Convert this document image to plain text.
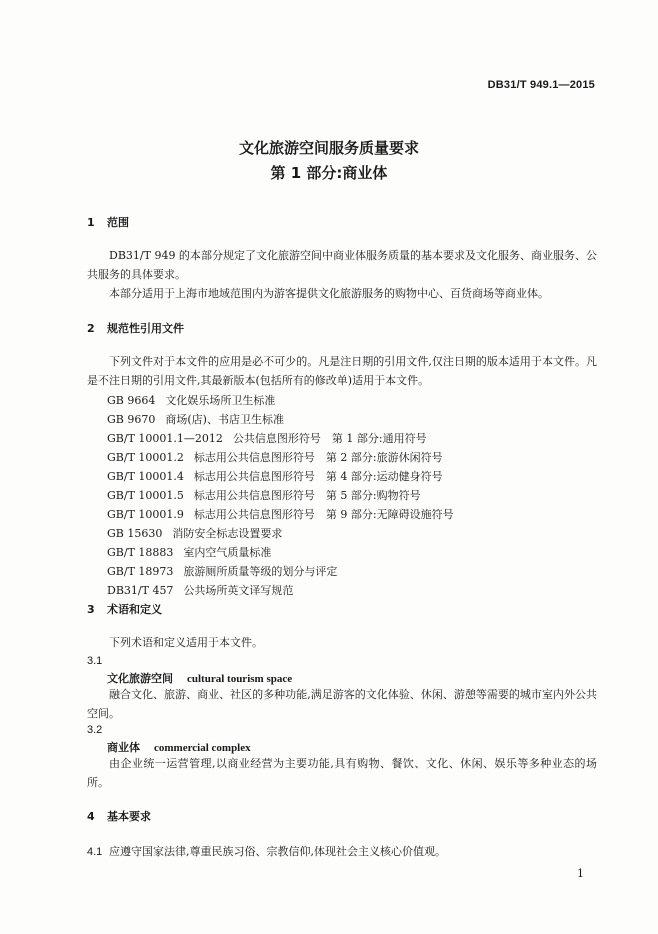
DB31/T 949.1—2015
文化旅游空间服务质量要求
第 1 部分:商业体
1 范围
DB31/T 949 的本部分规定了文化旅游空间中商业体服务质量的基本要求及文化服务、商业服务、公共服务的具体要求。
本部分适用于上海市地域范围内为游客提供文化旅游服务的购物中心、百货商场等商业体。
2 规范性引用文件
下列文件对于本文件的应用是必不可少的。凡是注日期的引用文件,仅注日期的版本适用于本文件。凡是不注日期的引用文件,其最新版本(包括所有的修改单)适用于本文件。
GB 9664 文化娱乐场所卫生标准
GB 9670 商场(店)、书店卫生标准
GB/T 10001.1—2012 公共信息图形符号　第 1 部分:通用符号
GB/T 10001.2 标志用公共信息图形符号　第 2 部分:旅游休闲符号
GB/T 10001.4 标志用公共信息图形符号　第 4 部分:运动健身符号
GB/T 10001.5 标志用公共信息图形符号　第 5 部分:购物符号
GB/T 10001.9 标志用公共信息图形符号　第 9 部分:无障碍设施符号
GB 15630 消防安全标志设置要求
GB/T 18883 室内空气质量标准
GB/T 18973 旅游厕所质量等级的划分与评定
DB31/T 457 公共场所英文译写规范
3 术语和定义
下列术语和定义适用于本文件。
3.1
文化旅游空间 cultural tourism space
融合文化、旅游、商业、社区的多种功能,满足游客的文化体验、休闲、游憩等需要的城市室内外公共空间。
3.2
商业体 commercial complex
由企业统一运营管理,以商业经营为主要功能,具有购物、餐饮、文化、休闲、娱乐等多种业态的场所。
4 基本要求
4.1 应遵守国家法律,尊重民族习俗、宗教信仰,体现社会主义核心价值观。
1
